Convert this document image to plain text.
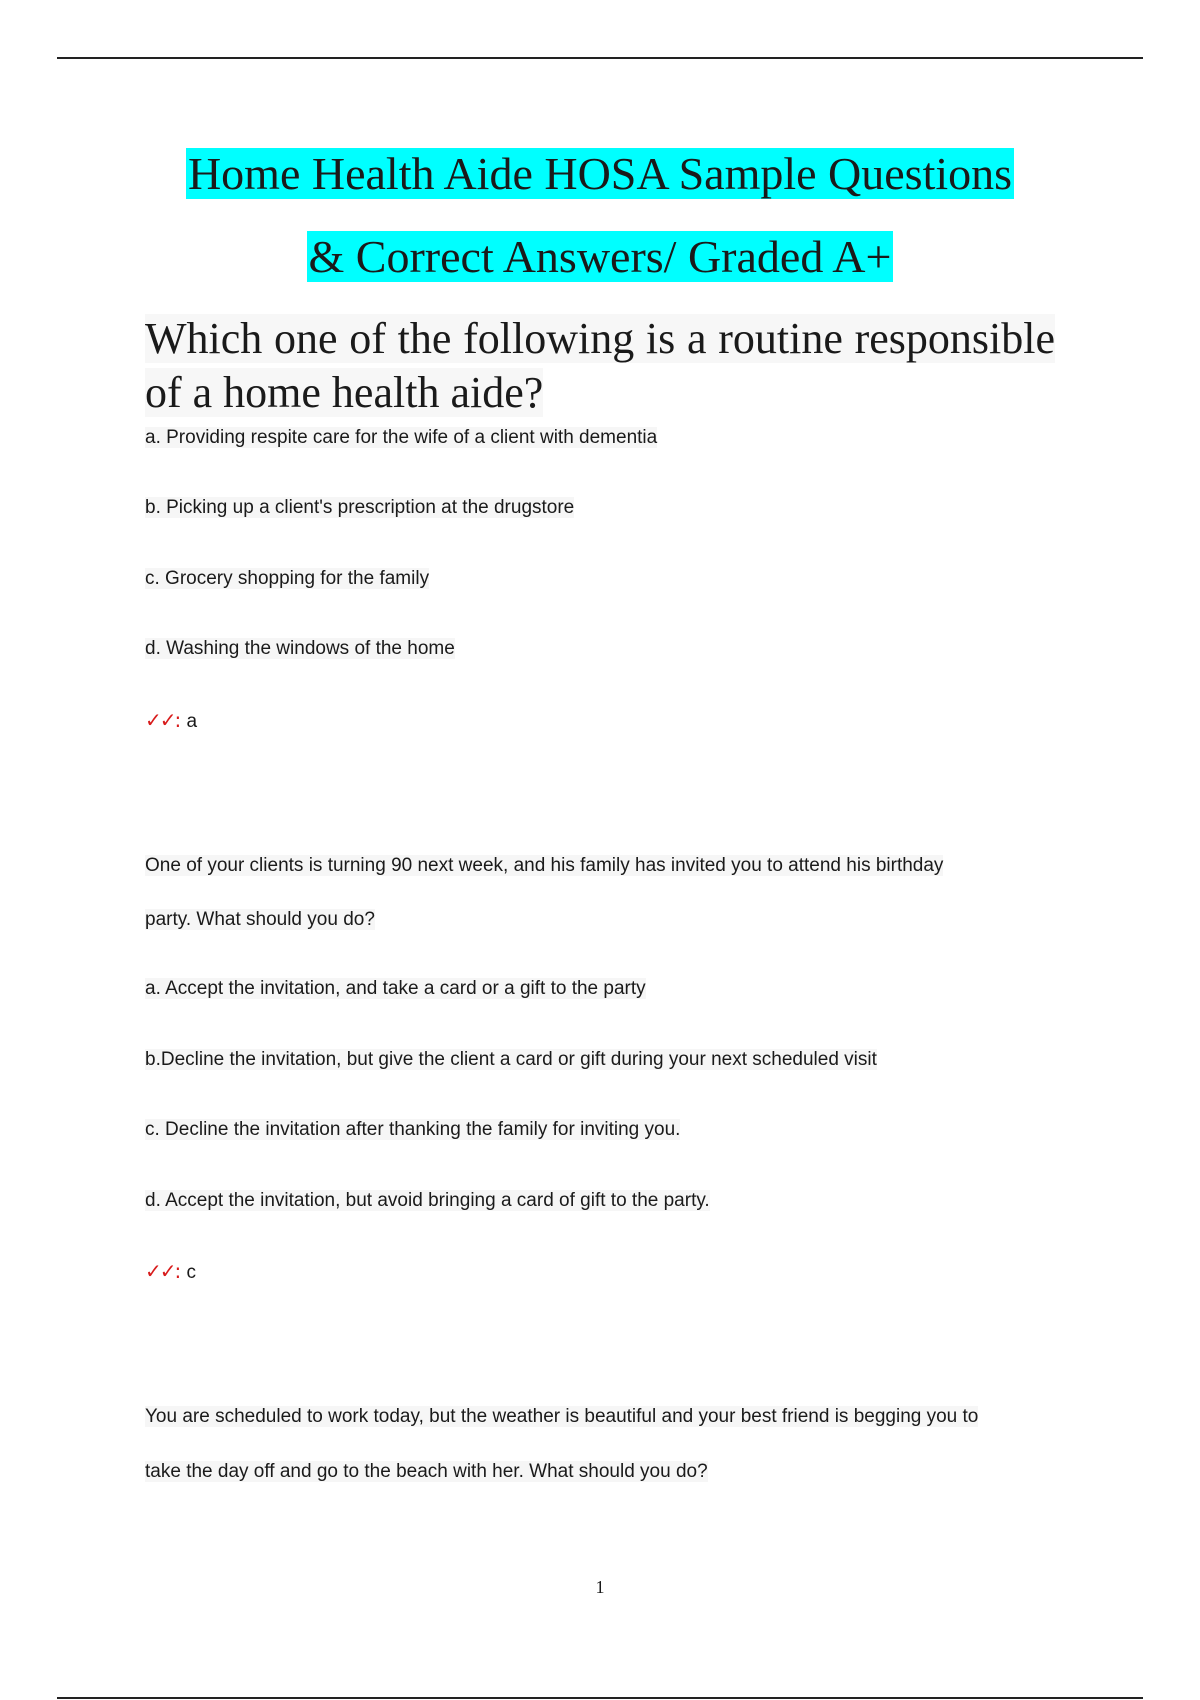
Home Health Aide HOSA Sample Questions
& Correct Answers/ Graded A+
Which one of the following is a routine responsible of a home health aide?
a. Providing respite care for the wife of a client with dementia
b. Picking up a client's prescription at the drugstore
c. Grocery shopping for the family
d. Washing the windows of the home
✓✓: a
One of your clients is turning 90 next week, and his family has invited you to attend his birthday
party. What should you do?
a. Accept the invitation, and take a card or a gift to the party
b.Decline the invitation, but give the client a card or gift during your next scheduled visit
c. Decline the invitation after thanking the family for inviting you.
d. Accept the invitation, but avoid bringing a card of gift to the party.
✓✓: c
You are scheduled to work today, but the weather is beautiful and your best friend is begging you to
take the day off and go to the beach with her. What should you do?
1
